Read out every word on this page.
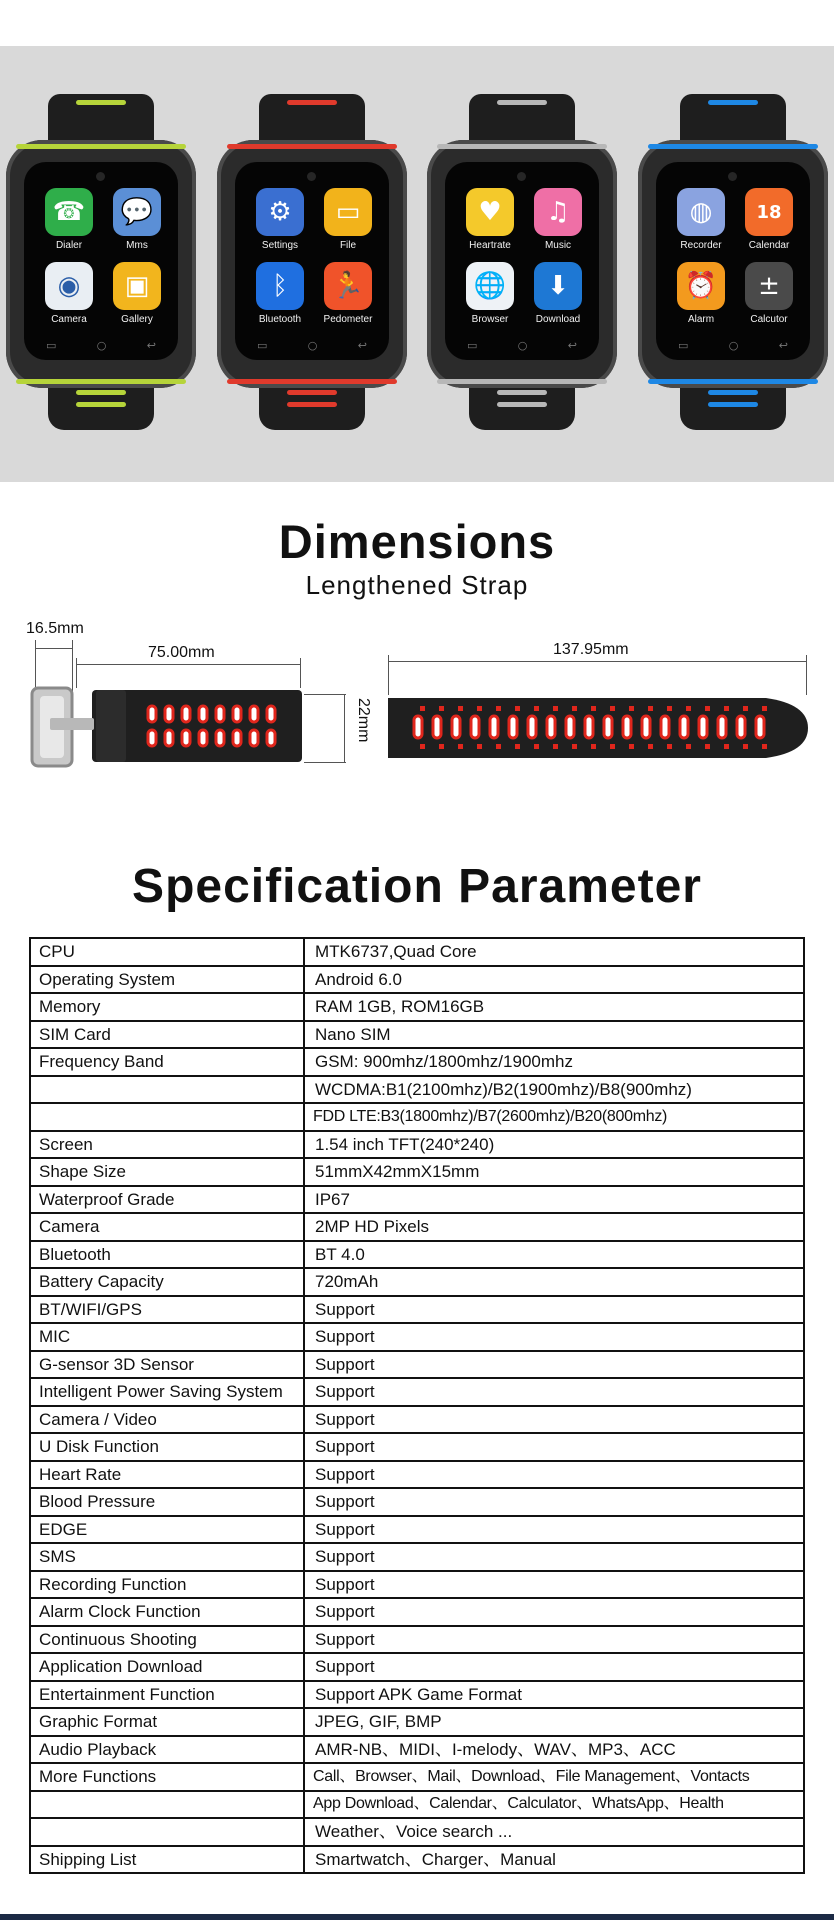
▭	○	↩
☎
Dialer
💬
Mms
◉
Camera
▣
Gallery
▭	○	↩
⚙
Settings
▭
File
ᛒ
Bluetooth
🏃
Pedometer
▭	○	↩
♥
Heartrate
♫
Music
🌐
Browser
⬇
Download
▭	○	↩
◍
Recorder
18
Calendar
⏰
Alarm
±
Calcutor
Dimensions
Lengthened Strap
16.5mm
75.00mm
22mm
137.95mm
Specification Parameter
CPU	MTK6737,Quad Core
Operating System	Android 6.0
Memory	RAM 1GB, ROM16GB
SIM Card	Nano SIM
Frequency Band	GSM: 900mhz/1800mhz/1900mhz
	WCDMA:B1(2100mhz)/B2(1900mhz)/B8(900mhz)
	FDD LTE:B3(1800mhz)/B7(2600mhz)/B20(800mhz)
Screen	1.54 inch TFT(240*240)
Shape Size	51mmX42mmX15mm
Waterproof Grade	IP67
Camera	2MP HD Pixels
Bluetooth	BT 4.0
Battery Capacity	720mAh
BT/WIFI/GPS	Support
MIC	Support
G-sensor 3D Sensor	Support
Intelligent Power Saving System	Support
Camera / Video	Support
U Disk Function	Support
Heart Rate	Support
Blood Pressure	Support
EDGE	Support
SMS	Support
Recording Function	Support
Alarm Clock Function	Support
Continuous Shooting	Support
Application Download	Support
Entertainment Function	Support APK Game Format
Graphic Format	JPEG, GIF, BMP
Audio Playback	AMR-NB、MIDI、I-melody、WAV、MP3、ACC
More Functions	Call、Browser、Mail、Download、File Management、Vontacts
	App Download、Calendar、Calculator、WhatsApp、Health
	Weather、Voice search ...
Shipping List	Smartwatch、Charger、Manual
